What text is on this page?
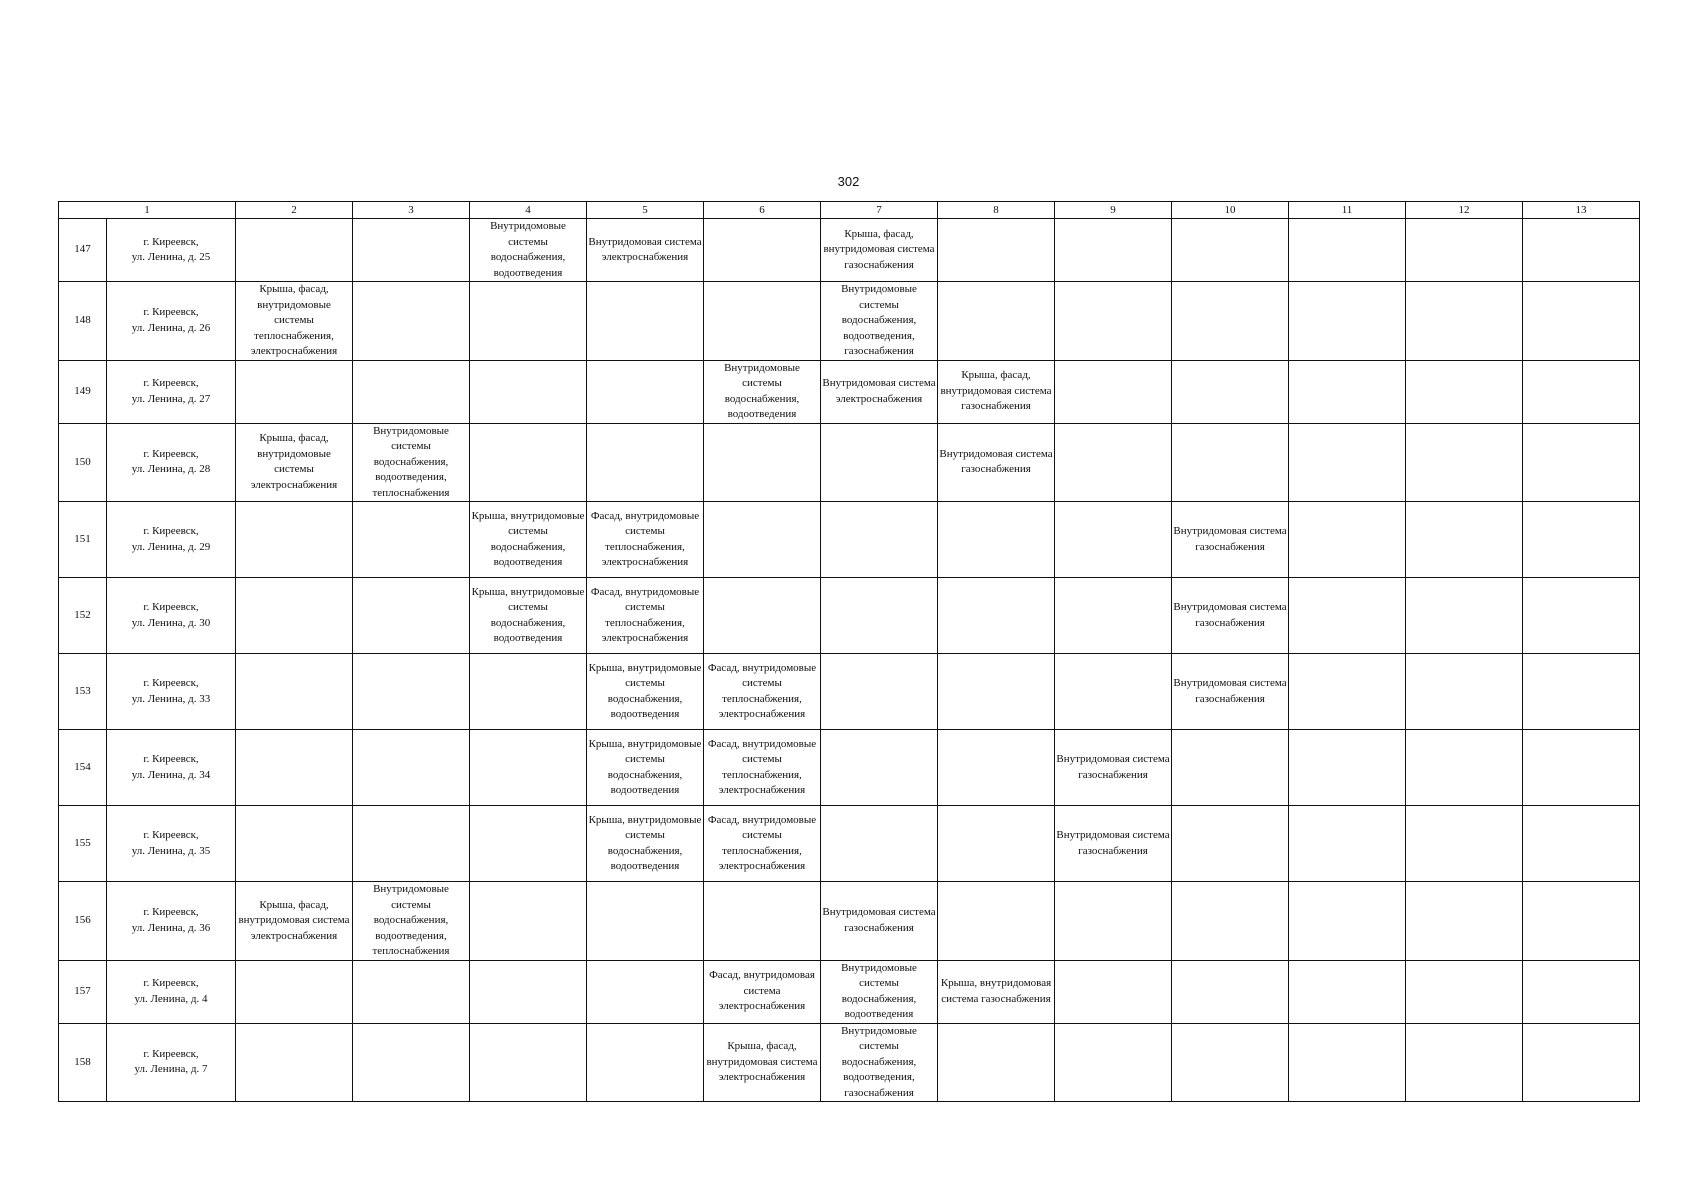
302
1		2	3	4	5	6	7	8	9	10	11	12	13
147	г. Киреевск,
ул. Ленина, д. 25			Внутридомовые системы водоснабжения, водоотведения	Внутридомовая система электроснабжения		Крыша, фасад, внутридомовая система газоснабжения						
148	г. Киреевск,
ул. Ленина, д. 26	Крыша, фасад, внутридомовые системы теплоснабжения, электроснабжения					Внутридомовые системы водоснабжения, водоотведения, газоснабжения						
149	г. Киреевск,
ул. Ленина, д. 27					Внутридомовые системы водоснабжения, водоотведения	Внутридомовая система электроснабжения	Крыша, фасад, внутридомовая система газоснабжения					
150	г. Киреевск,
ул. Ленина, д. 28	Крыша, фасад, внутридомовые системы электроснабжения	Внутридомовые системы водоснабжения, водоотведения, теплоснабжения					Внутридомовая система газоснабжения					
151	г. Киреевск,
ул. Ленина, д. 29			Крыша, внутридомовые системы водоснабжения, водоотведения	Фасад, внутридомовые системы теплоснабжения, электроснабжения					Внутридомовая система газоснабжения			
152	г. Киреевск,
ул. Ленина, д. 30			Крыша, внутридомовые системы водоснабжения, водоотведения	Фасад, внутридомовые системы теплоснабжения, электроснабжения					Внутридомовая система газоснабжения			
153	г. Киреевск,
ул. Ленина, д. 33				Крыша, внутридомовые системы водоснабжения, водоотведения	Фасад, внутридомовые системы теплоснабжения, электроснабжения				Внутридомовая система газоснабжения			
154	г. Киреевск,
ул. Ленина, д. 34				Крыша, внутридомовые системы водоснабжения, водоотведения	Фасад, внутридомовые системы теплоснабжения, электроснабжения			Внутридомовая система газоснабжения				
155	г. Киреевск,
ул. Ленина, д. 35				Крыша, внутридомовые системы водоснабжения, водоотведения	Фасад, внутридомовые системы теплоснабжения, электроснабжения			Внутридомовая система газоснабжения				
156	г. Киреевск,
ул. Ленина, д. 36	Крыша, фасад, внутридомовая система электроснабжения	Внутридомовые системы водоснабжения, водоотведения, теплоснабжения				Внутридомовая система газоснабжения						
157	г. Киреевск,
ул. Ленина, д. 4					Фасад, внутридомовая система электроснабжения	Внутридомовые системы водоснабжения, водоотведения	Крыша, внутридомовая система газоснабжения					
158	г. Киреевск,
ул. Ленина, д. 7					Крыша, фасад, внутридомовая система электроснабжения	Внутридомовые системы водоснабжения, водоотведения, газоснабжения						
